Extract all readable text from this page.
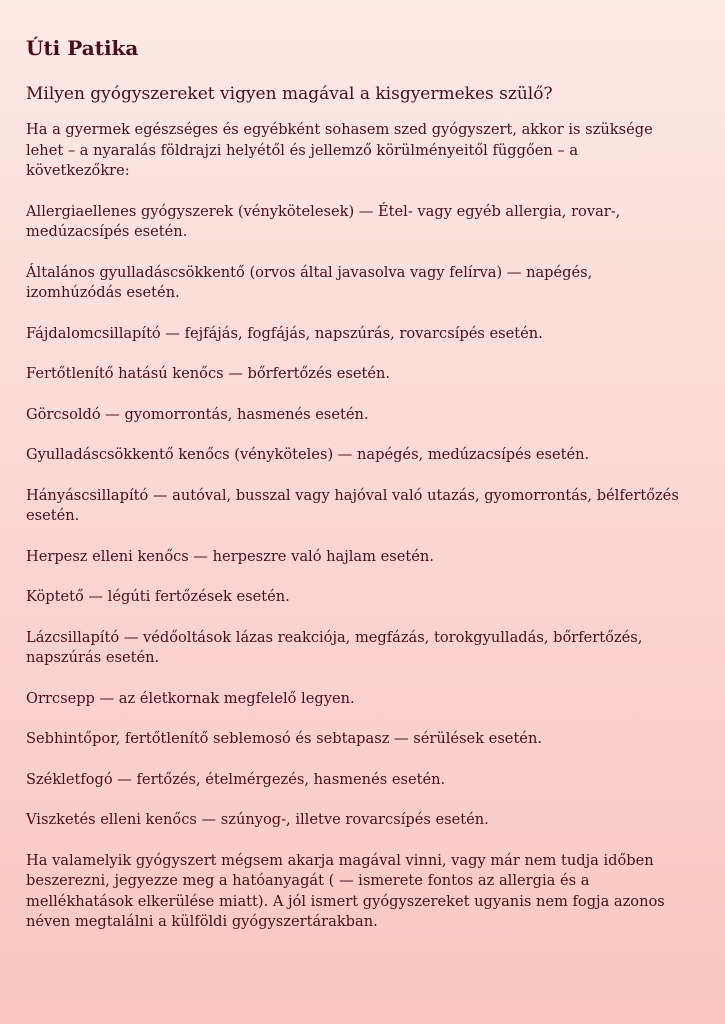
Úti Patika
Milyen gyógyszereket vigyen magával a kisgyermekes szülő?

Ha a gyermek egészséges és egyébként sohasem szed gyógyszert, akkor is szüksége lehet – a nyaralás földrajzi helyétől és jellemző körülményeitől függően – a következőkre:

Allergiaellenes gyógyszerek (vénykötelesek) — Étel- vagy egyéb allergia, rovar-, medúzacsípés esetén.

Általános gyulladáscsökkentő (orvos által javasolva vagy felírva) — napégés, izomhúzódás esetén.

Fájdalomcsillapító — fejfájás, fogfájás, napszúrás, rovarcsípés esetén.

Fertőtlenítő hatású kenőcs — bőrfertőzés esetén.

Görcsoldó — gyomorrontás, hasmenés esetén.

Gyulladáscsökkentő kenőcs (vényköteles) — napégés, medúzacsípés esetén.

Hányáscsillapító — autóval, busszal vagy hajóval való utazás, gyomorrontás, bélfertőzés esetén.

Herpesz elleni kenőcs — herpeszre való hajlam esetén.

Köptető — légúti fertőzések esetén.

Lázcsillapító — védőoltások lázas reakciója, megfázás, torokgyulladás, bőrfertőzés, napszúrás esetén.

Orrcsepp — az életkornak megfelelő legyen.

Sebhintőpor, fertőtlenítő seblemosó és sebtapasz — sérülések esetén.

Székletfogó — fertőzés, ételmérgezés, hasmenés esetén.

Viszketés elleni kenőcs — szúnyog-, illetve rovarcsípés esetén.

Ha valamelyik gyógyszert mégsem akarja magával vinni, vagy már nem tudja időben beszerezni, jegyezze meg a hatóanyagát ( — ismerete fontos az allergia és a mellékhatások elkerülése miatt). A jól ismert gyógyszereket ugyanis nem fogja azonos néven megtalálni a külföldi gyógyszertárakban.
